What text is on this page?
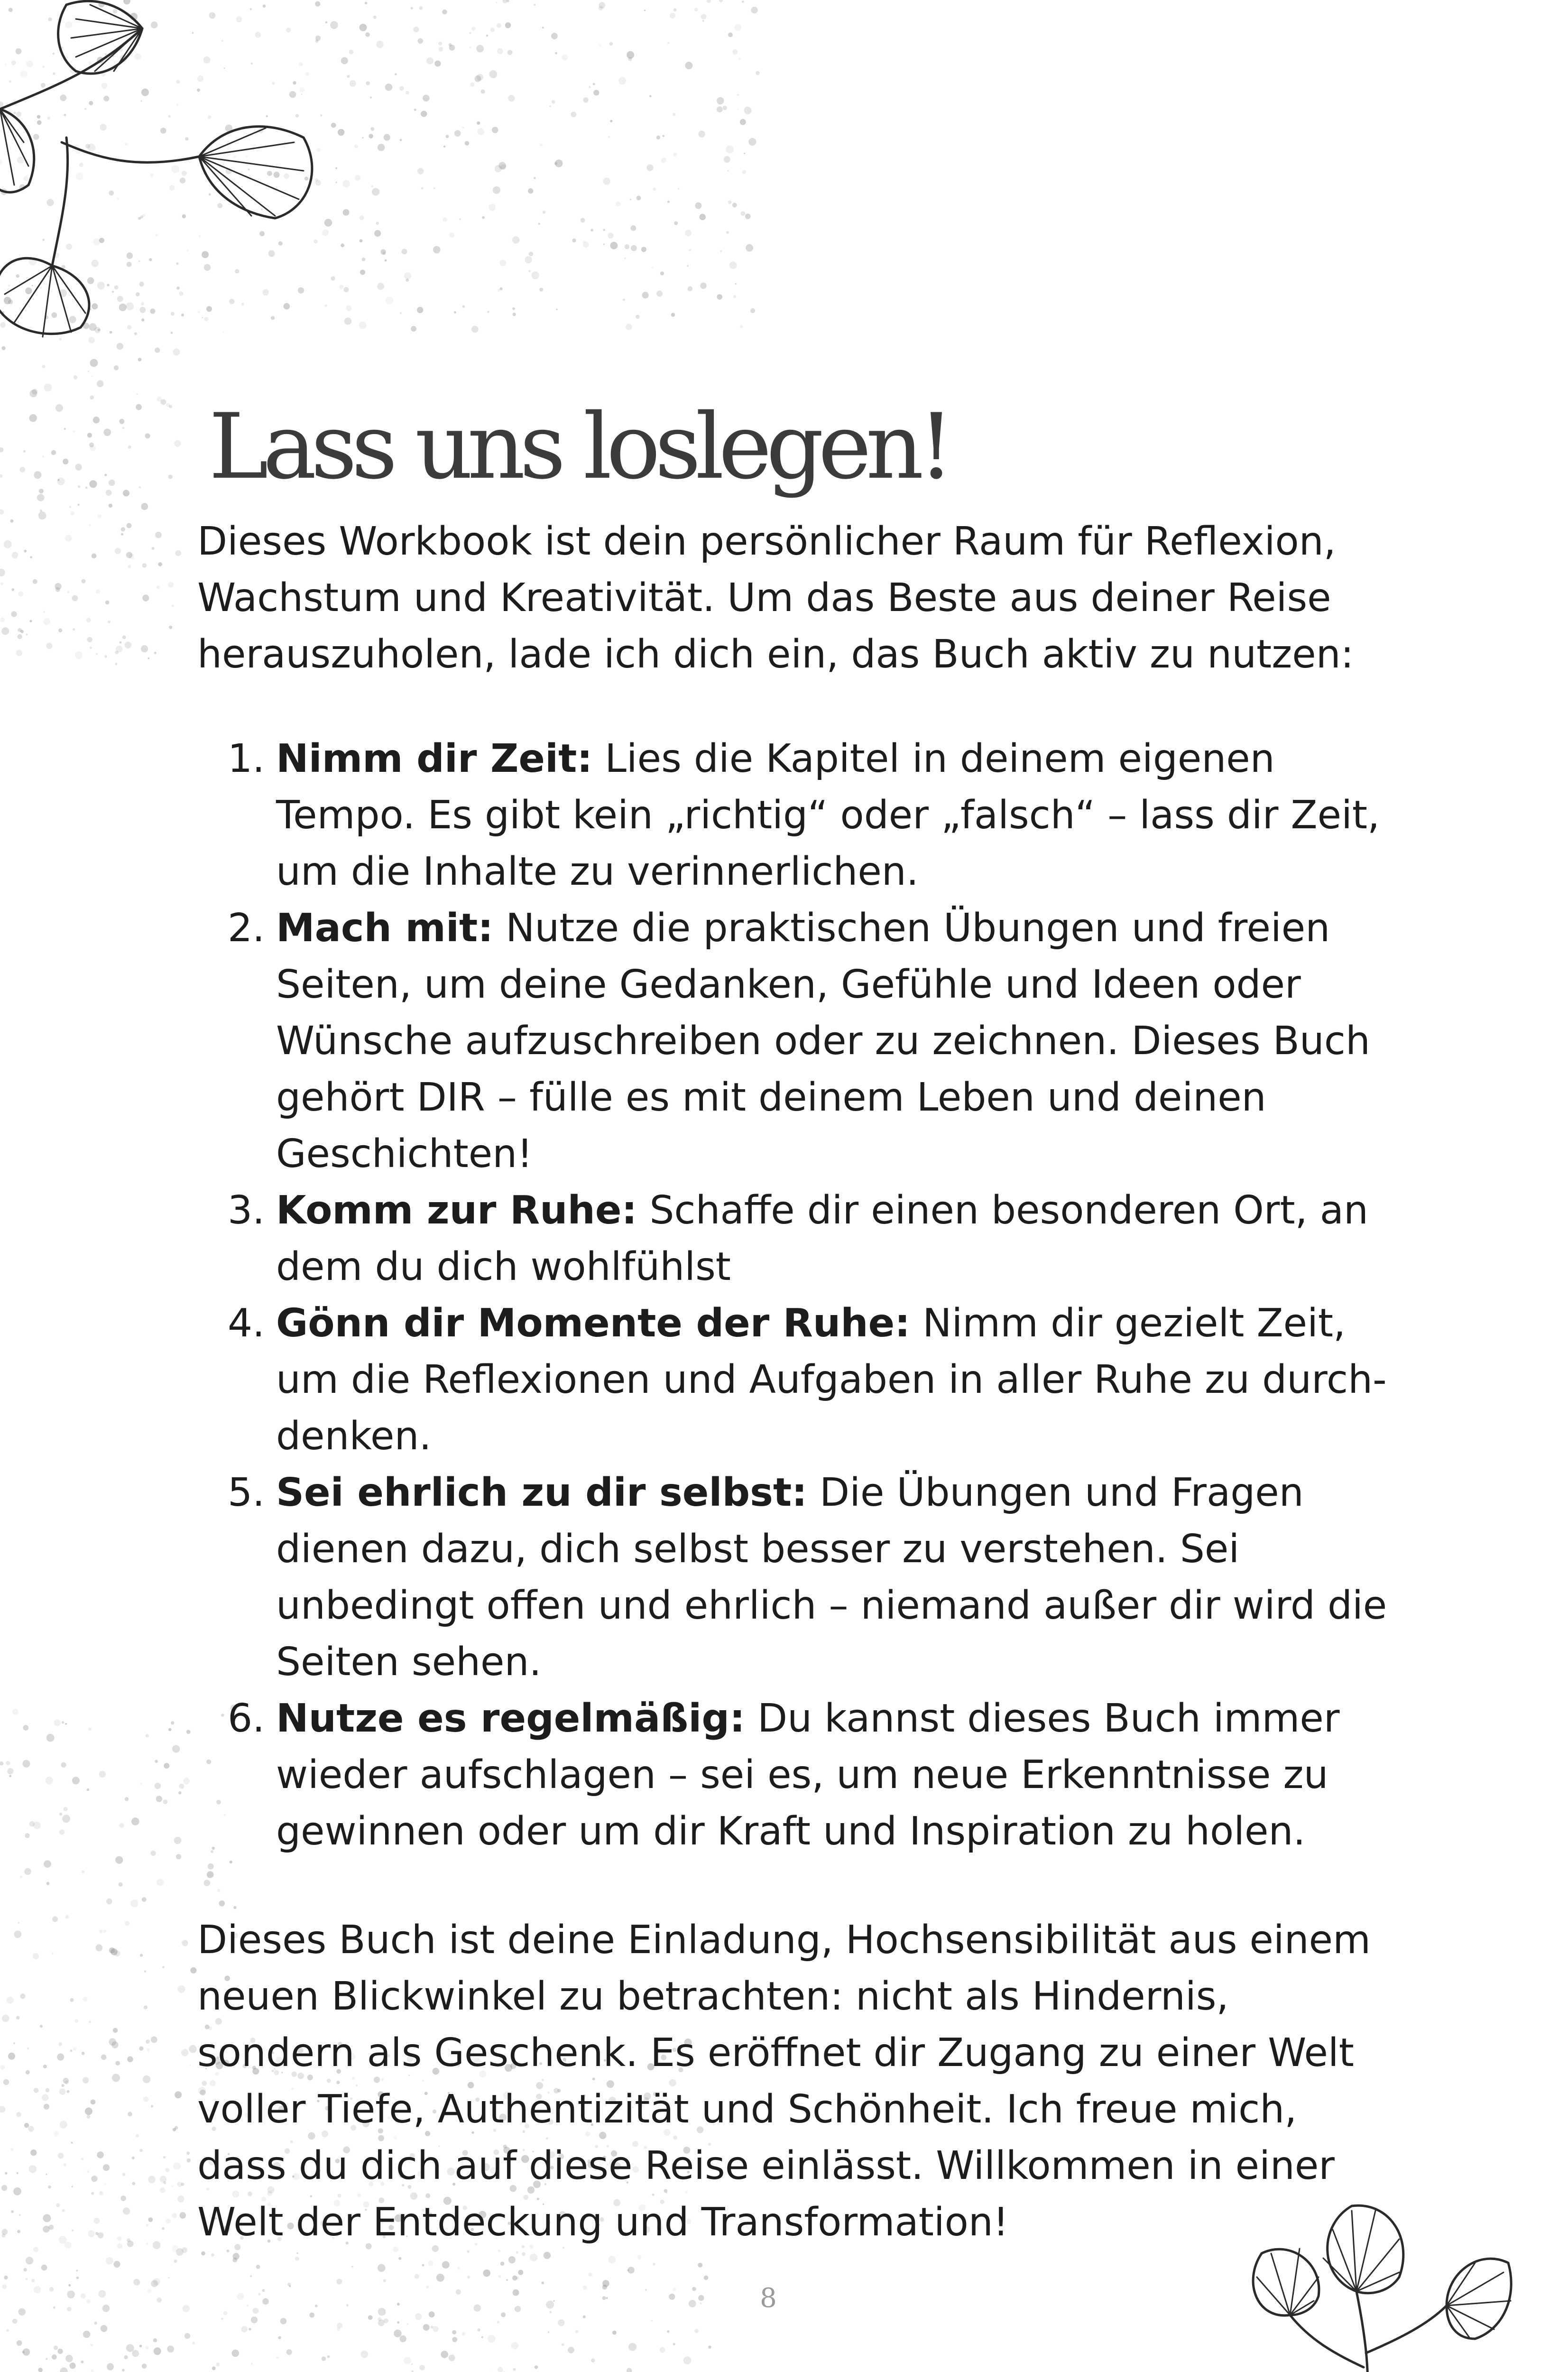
Lass uns loslegen!

Dieses Workbook ist dein persönlicher Raum für Reflexion, Wachstum und Kreativität. Um das Beste aus deiner Reise herauszuholen, lade ich dich ein, das Buch aktiv zu nutzen:

1. Nimm dir Zeit: Lies die Kapitel in deinem eigenen Tempo. Es gibt kein „richtig“ oder „falsch“ – lass dir Zeit, um die Inhalte zu verinnerlichen.
2. Mach mit: Nutze die praktischen Übungen und freien Seiten, um deine Gedanken, Gefühle und Ideen oder Wünsche aufzuschreiben oder zu zeichnen. Dieses Buch gehört DIR – fülle es mit deinem Leben und deinen Geschichten!
3. Komm zur Ruhe: Schaffe dir einen besonderen Ort, an dem du dich wohlfühlst
4. Gönn dir Momente der Ruhe: Nimm dir gezielt Zeit, um die Reflexionen und Aufgaben in aller Ruhe zu durch-denken.
5. Sei ehrlich zu dir selbst: Die Übungen und Fragen dienen dazu, dich selbst besser zu verstehen. Sei unbedingt offen und ehrlich – niemand außer dir wird die Seiten sehen.
6. Nutze es regelmäßig: Du kannst dieses Buch immer wieder aufschlagen – sei es, um neue Erkenntnisse zu gewinnen oder um dir Kraft und Inspiration zu holen.

Dieses Buch ist deine Einladung, Hochsensibilität aus einem neuen Blickwinkel zu betrachten: nicht als Hindernis, sondern als Geschenk. Es eröffnet dir Zugang zu einer Welt voller Tiefe, Authentizität und Schönheit. Ich freue mich, dass du dich auf diese Reise einlässt. Willkommen in einer Welt der Entdeckung und Transformation!

8
